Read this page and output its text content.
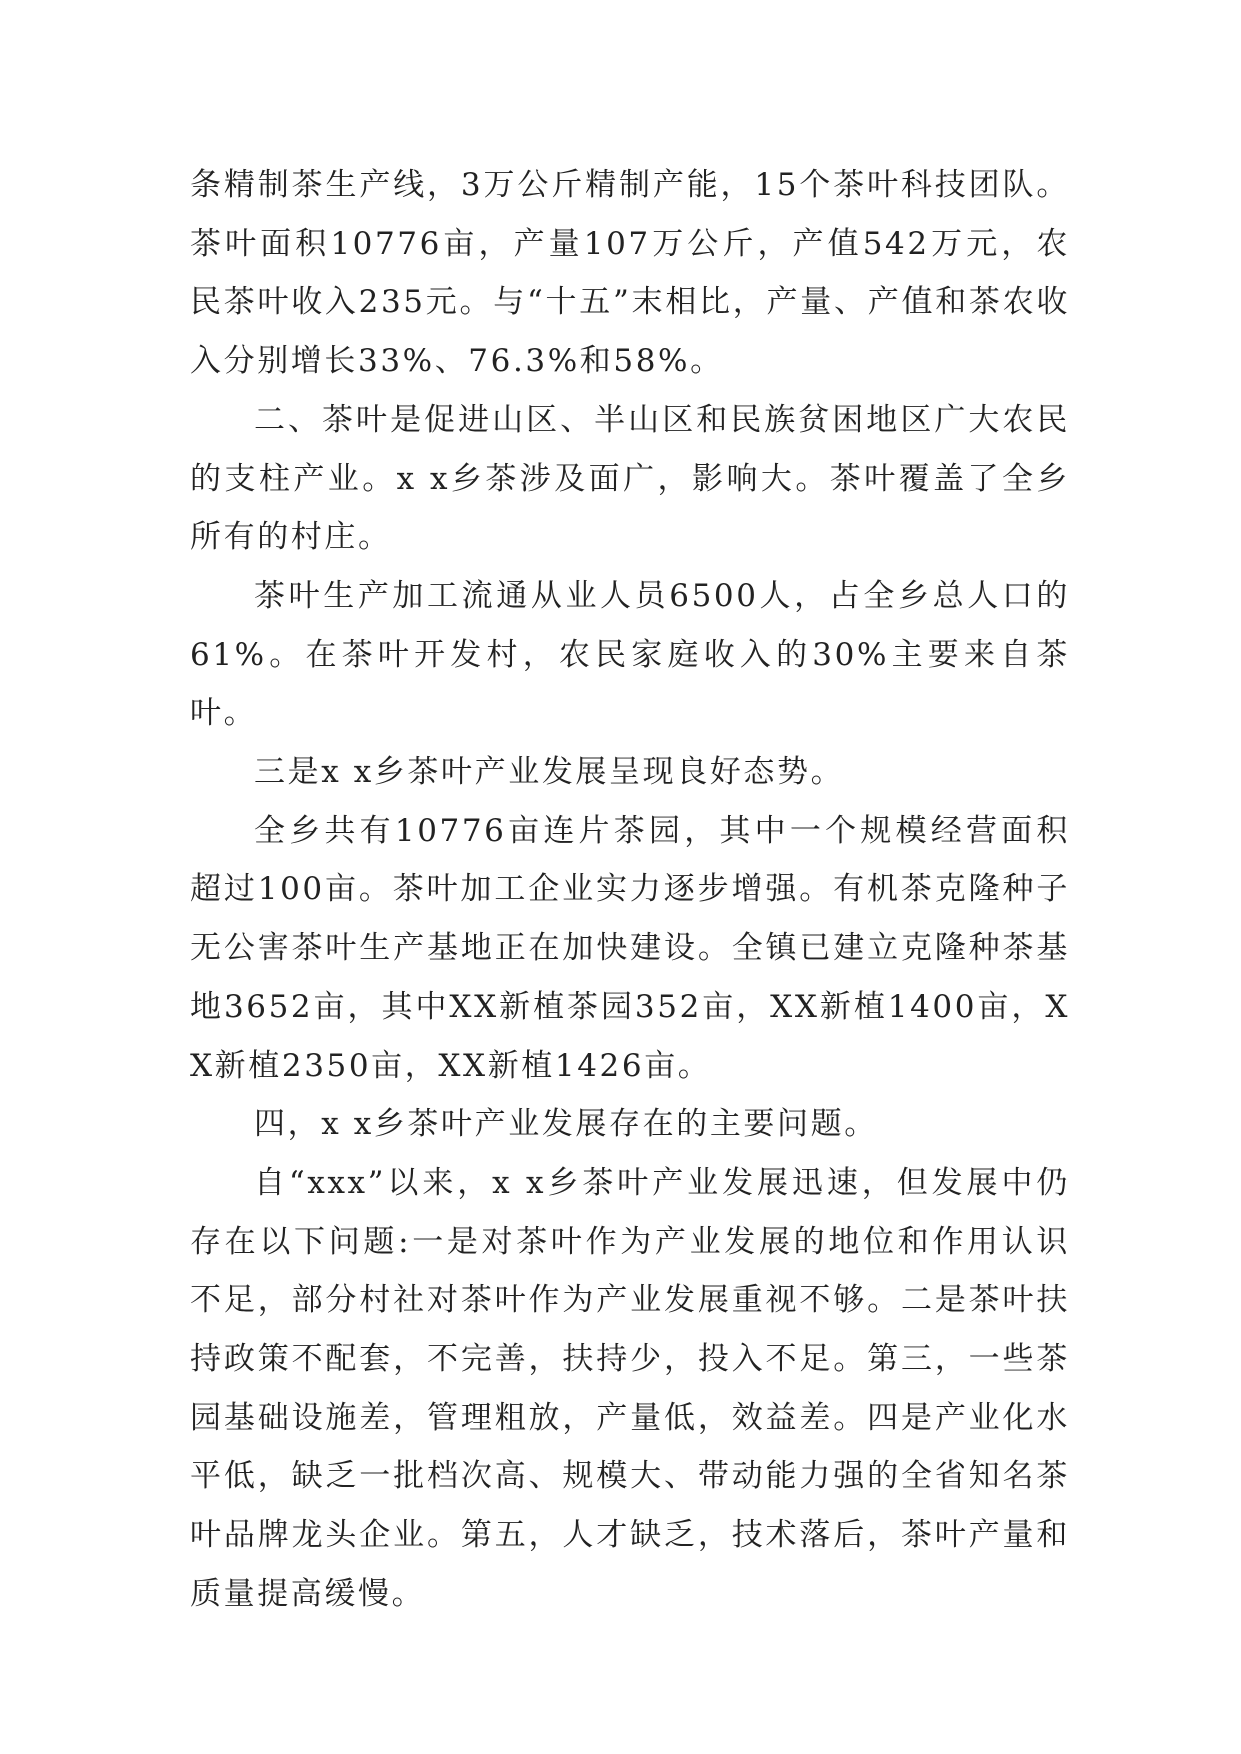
条精制茶生产线，3万公斤精制产能，15个茶叶科技团队。茶叶面积10776亩，产量107万公斤，产值542万元，农民茶叶收入235元。与“十五”末相比，产量、产值和茶农收入分别增长33%、76.3%和58%。

二、茶叶是促进山区、半山区和民族贫困地区广大农民的支柱产业。x x乡茶涉及面广，影响大。茶叶覆盖了全乡所有的村庄。

茶叶生产加工流通从业人员6500人，占全乡总人口的61%。在茶叶开发村，农民家庭收入的30%主要来自茶叶。

三是x x乡茶叶产业发展呈现良好态势。

全乡共有10776亩连片茶园，其中一个规模经营面积超过100亩。茶叶加工企业实力逐步增强。有机茶克隆种子无公害茶叶生产基地正在加快建设。全镇已建立克隆种茶基地3652亩，其中XX新植茶园352亩，XX新植1400亩，XX新植2350亩，XX新植1426亩。

四，x x乡茶叶产业发展存在的主要问题。

自“xxx”以来，x x乡茶叶产业发展迅速，但发展中仍存在以下问题:一是对茶叶作为产业发展的地位和作用认识不足，部分村社对茶叶作为产业发展重视不够。二是茶叶扶持政策不配套，不完善，扶持少，投入不足。第三，一些茶园基础设施差，管理粗放，产量低，效益差。四是产业化水平低，缺乏一批档次高、规模大、带动能力强的全省知名茶叶品牌龙头企业。第五，人才缺乏，技术落后，茶叶产量和质量提高缓慢。
